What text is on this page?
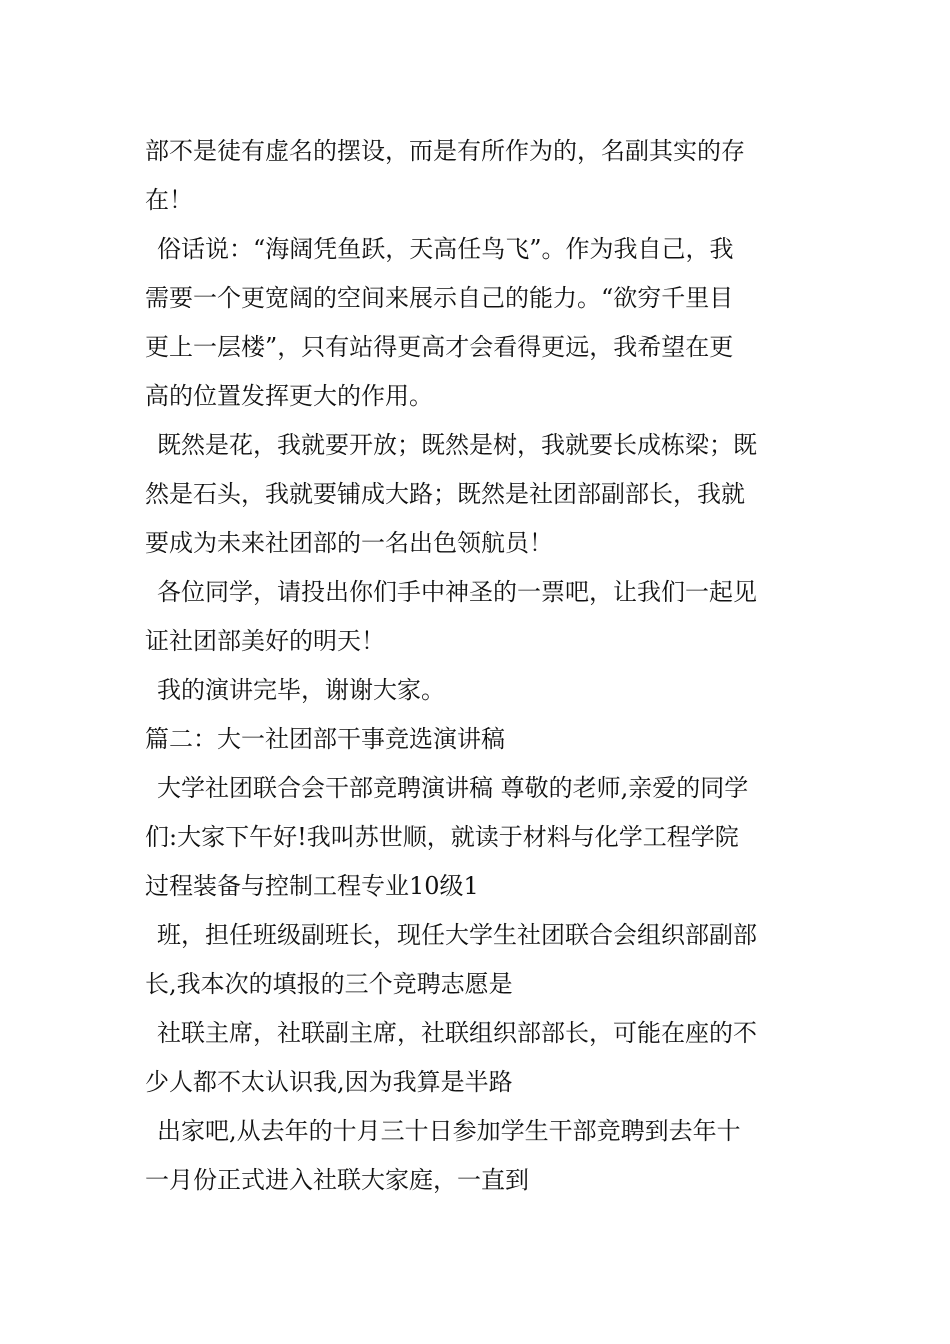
部不是徒有虚名的摆设，而是有所作为的，名副其实的存
在！
俗话说：“海阔凭鱼跃，天高任鸟飞”。作为我自己，我
需要一个更宽阔的空间来展示自己的能力。“欲穷千里目
更上一层楼”，只有站得更高才会看得更远，我希望在更
高的位置发挥更大的作用。
既然是花，我就要开放；既然是树，我就要长成栋梁；既
然是石头，我就要铺成大路；既然是社团部副部长，我就
要成为未来社团部的一名出色领航员！
各位同学，请投出你们手中神圣的一票吧，让我们一起见
证社团部美好的明天！
我的演讲完毕，谢谢大家。
篇二：大一社团部干事竞选演讲稿
大学社团联合会干部竞聘演讲稿 尊敬的老师,亲爱的同学
们:大家下午好!我叫苏世顺，就读于材料与化学工程学院
过程装备与控制工程专业10级1
班，担任班级副班长，现任大学生社团联合会组织部副部
长,我本次的填报的三个竞聘志愿是
社联主席，社联副主席，社联组织部部长，可能在座的不
少人都不太认识我,因为我算是半路
出家吧,从去年的十月三十日参加学生干部竞聘到去年十
一月份正式进入社联大家庭，一直到
